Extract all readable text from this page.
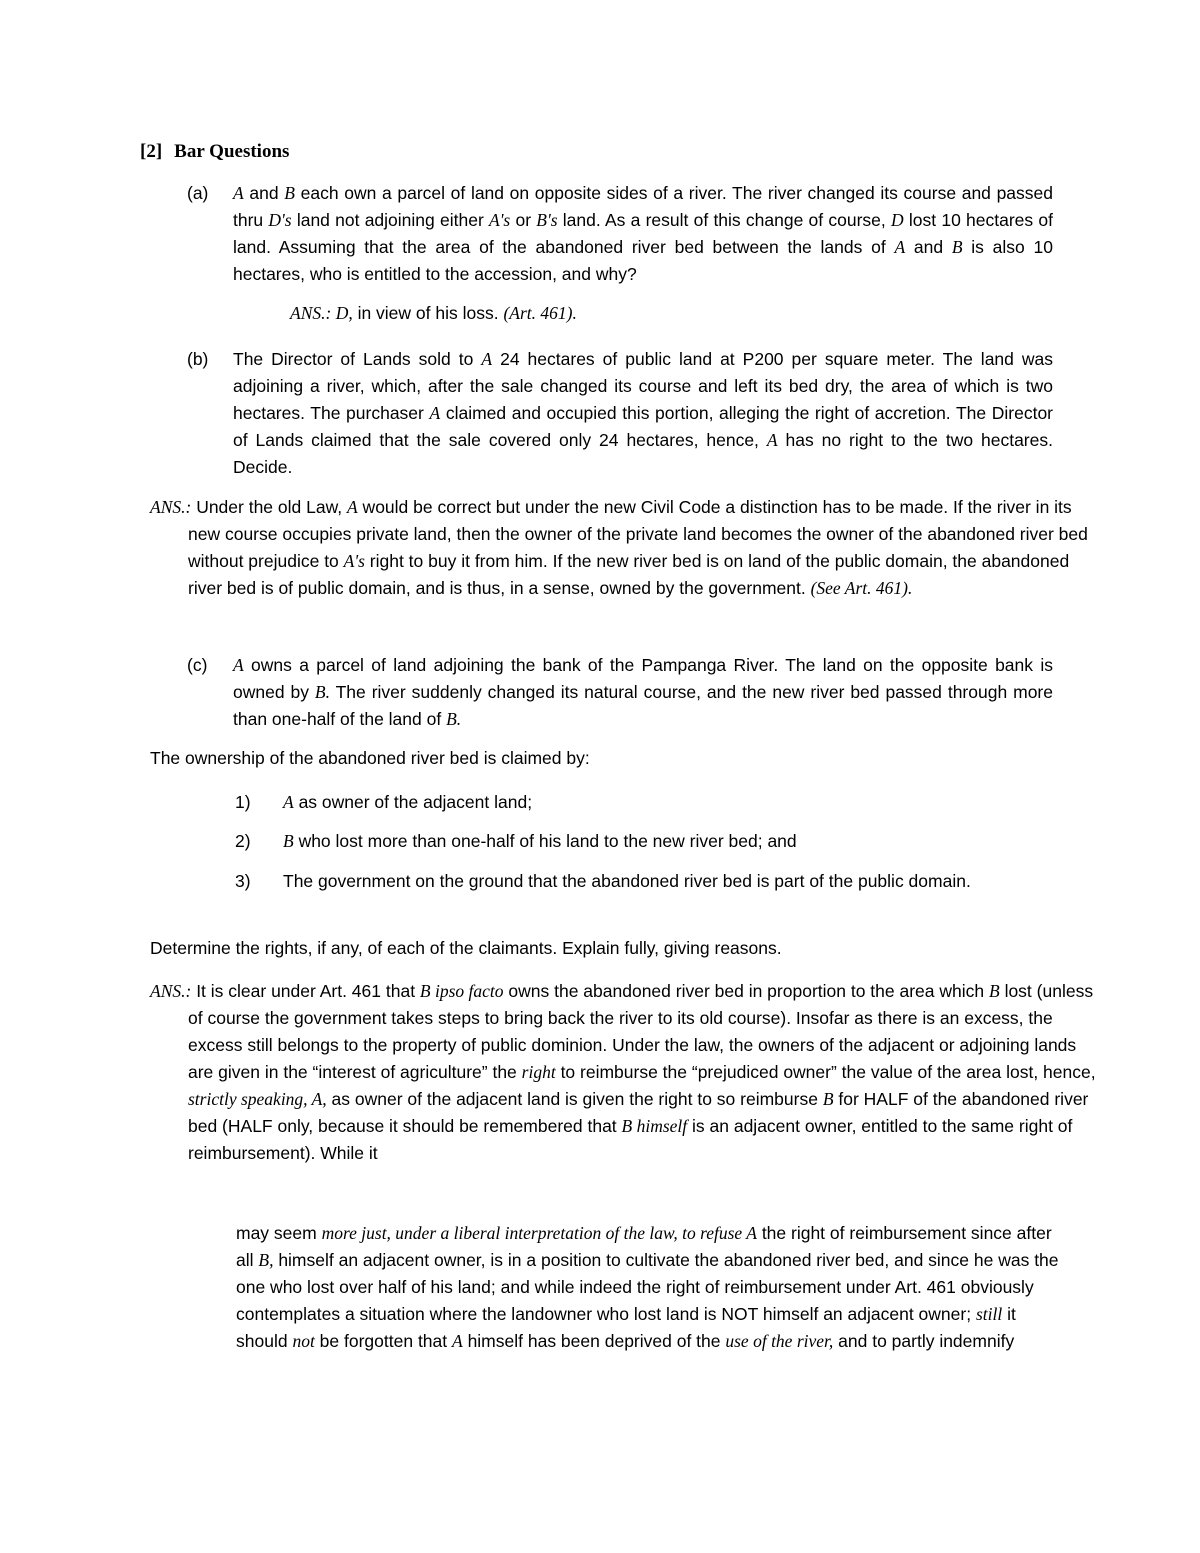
[2] Bar Questions
(a) A and B each own a parcel of land on opposite sides of a river. The river changed its course and passed thru D's land not adjoining either A's or B's land. As a result of this change of course, D lost 10 hectares of land. Assuming that the area of the abandoned river bed between the lands of A and B is also 10 hectares, who is entitled to the accession, and why?
ANS.: D, in view of his loss. (Art. 461).
(b) The Director of Lands sold to A 24 hectares of public land at P200 per square meter. The land was adjoining a river, which, after the sale changed its course and left its bed dry, the area of which is two hectares. The purchaser A claimed and occupied this portion, alleging the right of accretion. The Director of Lands claimed that the sale covered only 24 hectares, hence, A has no right to the two hectares. Decide.
ANS.: Under the old Law, A would be correct but under the new Civil Code a distinction has to be made. If the river in its new course occupies private land, then the owner of the private land becomes the owner of the abandoned river bed without prejudice to A's right to buy it from him. If the new river bed is on land of the public domain, the abandoned river bed is of public domain, and is thus, in a sense, owned by the government. (See Art. 461).
(c) A owns a parcel of land adjoining the bank of the Pampanga River. The land on the opposite bank is owned by B. The river suddenly changed its natural course, and the new river bed passed through more than one-half of the land of B.
The ownership of the abandoned river bed is claimed by:
1) A as owner of the adjacent land;
2) B who lost more than one-half of his land to the new river bed; and
3) The government on the ground that the abandoned river bed is part of the public domain.
Determine the rights, if any, of each of the claimants. Explain fully, giving reasons.
ANS.: It is clear under Art. 461 that B ipso facto owns the abandoned river bed in proportion to the area which B lost (unless of course the government takes steps to bring back the river to its old course). Insofar as there is an excess, the excess still belongs to the property of public dominion. Under the law, the owners of the adjacent or adjoining lands are given in the “interest of agriculture” the right to reimburse the “prejudiced owner” the value of the area lost, hence, strictly speaking, A, as owner of the adjacent land is given the right to so reimburse B for HALF of the abandoned river bed (HALF only, because it should be remembered that B himself is an adjacent owner, entitled to the same right of reimbursement). While it
may seem more just, under a liberal interpretation of the law, to refuse A the right of reimbursement since after all B, himself an adjacent owner, is in a position to cultivate the abandoned river bed, and since he was the one who lost over half of his land; and while indeed the right of reimbursement under Art. 461 obviously contemplates a situation where the landowner who lost land is NOT himself an adjacent owner; still it should not be forgotten that A himself has been deprived of the use of the river, and to partly indemnify
